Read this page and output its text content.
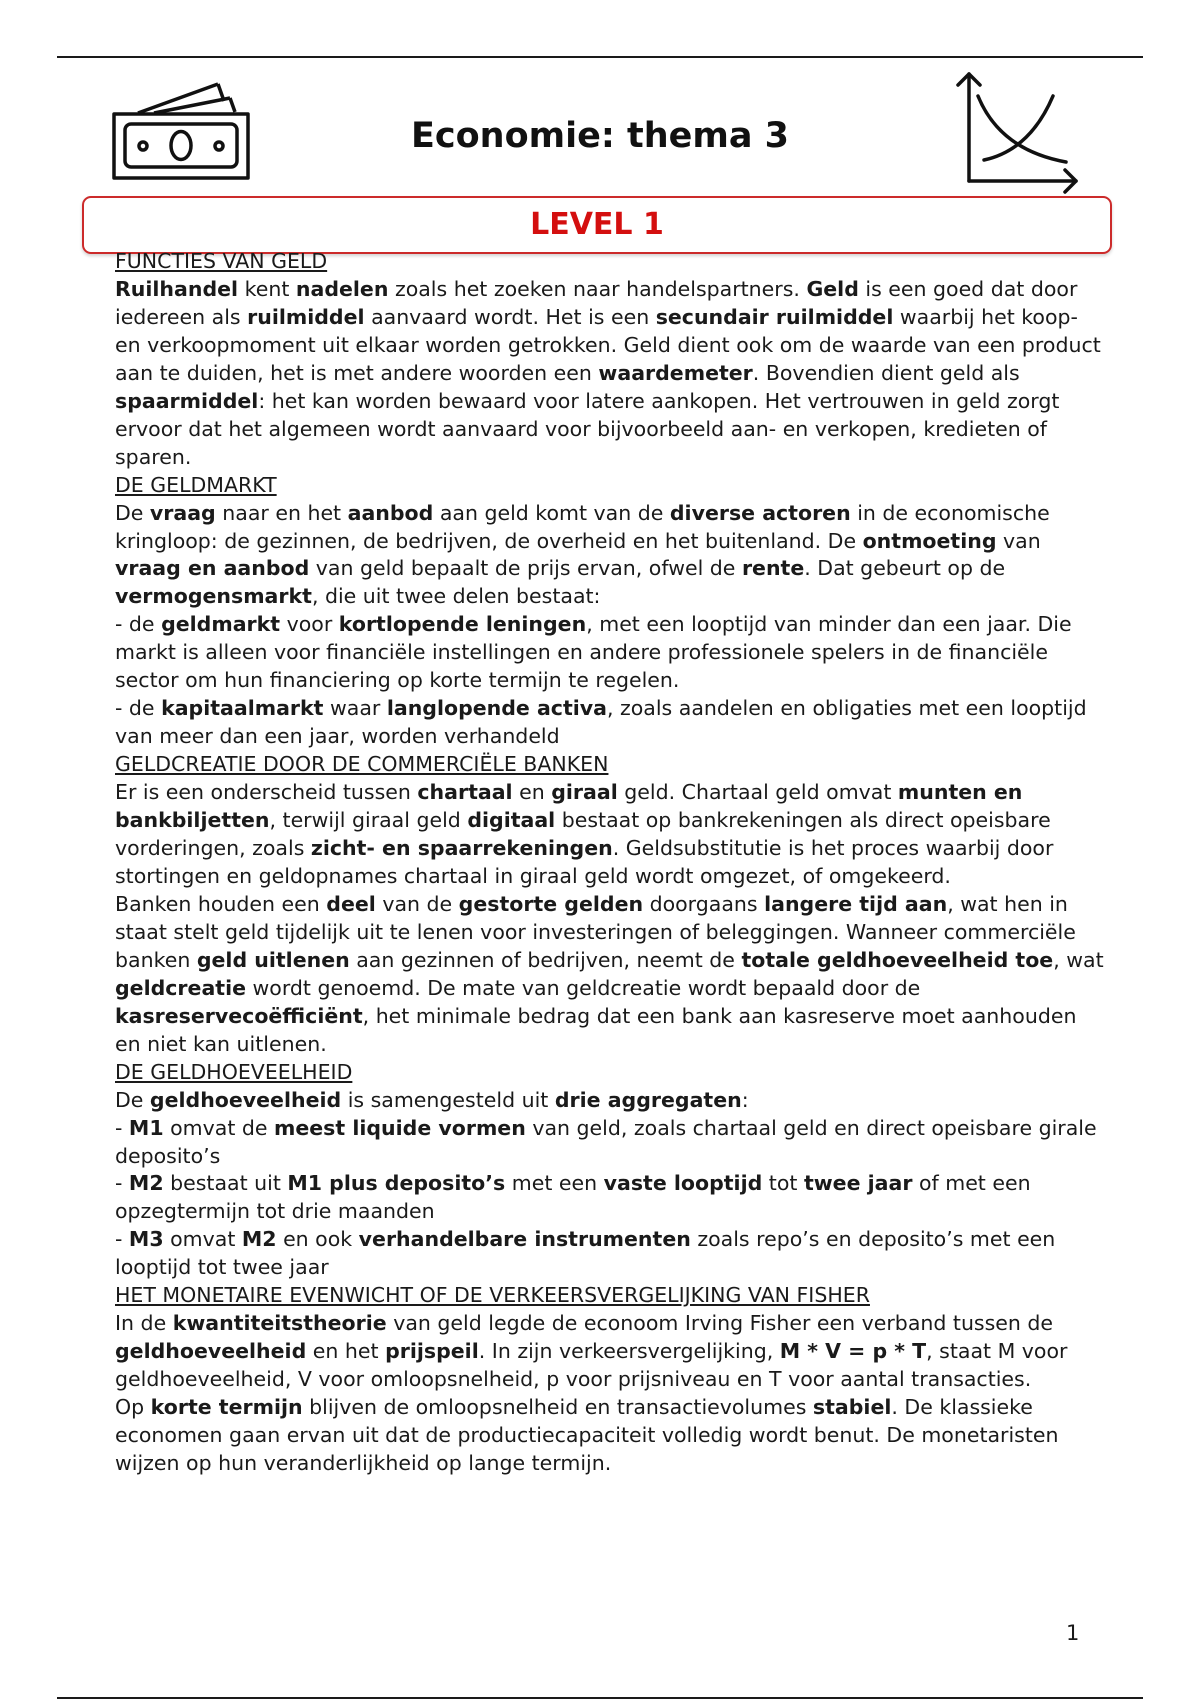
Economie: thema 3
LEVEL 1
FUNCTIES VAN GELD

Ruilhandel kent nadelen zoals het zoeken naar handelspartners. Geld is een goed dat door iedereen als ruilmiddel aanvaard wordt. Het is een secundair ruilmiddel waarbij het koop- en verkoopmoment uit elkaar worden getrokken. Geld dient ook om de waarde van een product aan te duiden, het is met andere woorden een waardemeter. Bovendien dient geld als spaarmiddel: het kan worden bewaard voor latere aankopen. Het vertrouwen in geld zorgt ervoor dat het algemeen wordt aanvaard voor bijvoorbeeld aan- en verkopen, kredieten of sparen.

DE GELDMARKT

De vraag naar en het aanbod aan geld komt van de diverse actoren in de economische kringloop: de gezinnen, de bedrijven, de overheid en het buitenland. De ontmoeting van vraag en aanbod van geld bepaalt de prijs ervan, ofwel de rente. Dat gebeurt op de vermogensmarkt, die uit twee delen bestaat:

- de geldmarkt voor kortlopende leningen, met een looptijd van minder dan een jaar. Die markt is alleen voor financiële instellingen en andere professionele spelers in de financiële sector om hun financiering op korte termijn te regelen.

- de kapitaalmarkt waar langlopende activa, zoals aandelen en obligaties met een looptijd van meer dan een jaar, worden verhandeld

GELDCREATIE DOOR DE COMMERCIËLE BANKEN

Er is een onderscheid tussen chartaal en giraal geld. Chartaal geld omvat munten en bankbiljetten, terwijl giraal geld digitaal bestaat op bankrekeningen als direct opeisbare vorderingen, zoals zicht- en spaarrekeningen. Geldsubstitutie is het proces waarbij door stortingen en geldopnames chartaal in giraal geld wordt omgezet, of omgekeerd.

Banken houden een deel van de gestorte gelden doorgaans langere tijd aan, wat hen in staat stelt geld tijdelijk uit te lenen voor investeringen of beleggingen. Wanneer commerciële banken geld uitlenen aan gezinnen of bedrijven, neemt de totale geldhoeveelheid toe, wat geldcreatie wordt genoemd. De mate van geldcreatie wordt bepaald door de kasreservecoëfficiënt, het minimale bedrag dat een bank aan kasreserve moet aanhouden en niet kan uitlenen.

DE GELDHOEVEELHEID

De geldhoeveelheid is samengesteld uit drie aggregaten:

- M1 omvat de meest liquide vormen van geld, zoals chartaal geld en direct opeisbare girale deposito’s

- M2 bestaat uit M1 plus deposito’s met een vaste looptijd tot twee jaar of met een opzegtermijn tot drie maanden

- M3 omvat M2 en ook verhandelbare instrumenten zoals repo’s en deposito’s met een looptijd tot twee jaar

HET MONETAIRE EVENWICHT OF DE VERKEERSVERGELIJKING VAN FISHER

In de kwantiteitstheorie van geld legde de econoom Irving Fisher een verband tussen de geldhoeveelheid en het prijspeil. In zijn verkeersvergelijking, M * V = p * T, staat M voor geldhoeveelheid, V voor omloopsnelheid, p voor prijsniveau en T voor aantal transacties.

Op korte termijn blijven de omloopsnelheid en transactievolumes stabiel. De klassieke economen gaan ervan uit dat de productiecapaciteit volledig wordt benut. De monetaristen wijzen op hun veranderlijkheid op lange termijn.

1
